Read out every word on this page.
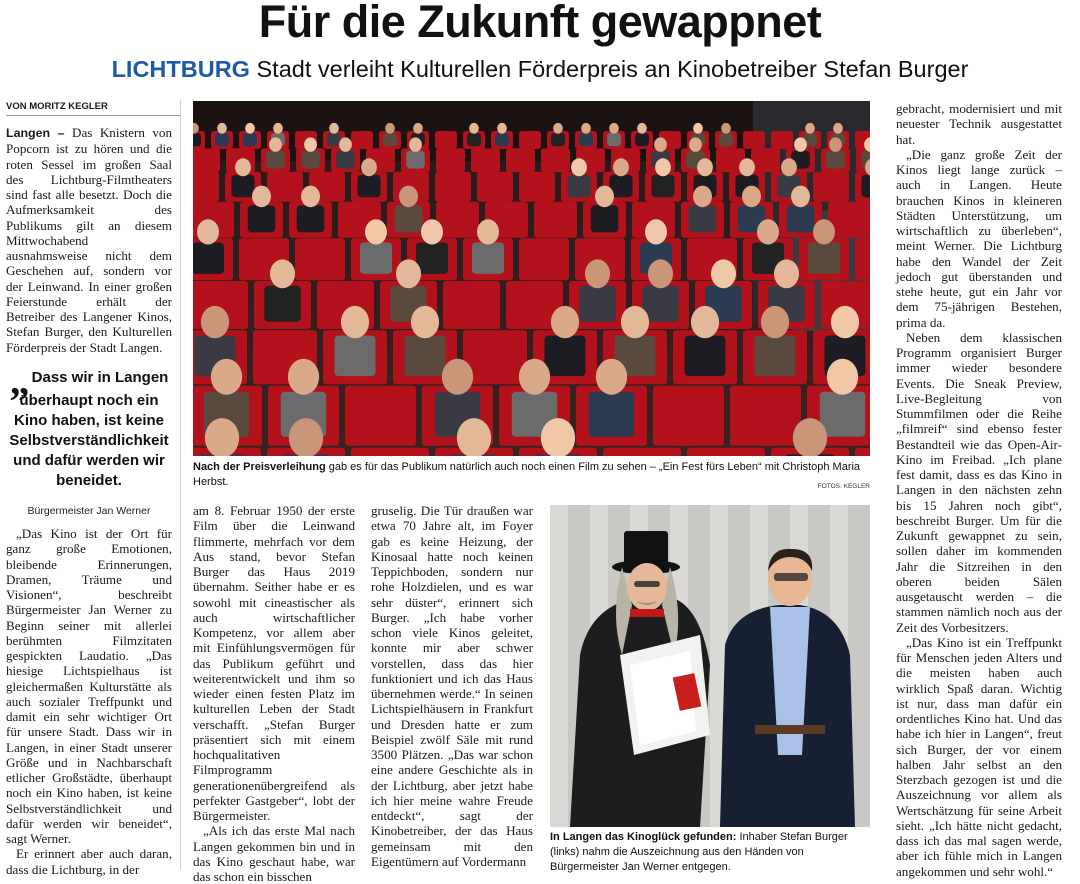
Für die Zukunft gewappnet
LICHTBURG Stadt verleiht Kulturellen Förderpreis an Kinobetreiber Stefan Burger
VON MORITZ KEGLER

Langen – Das Knistern von Popcorn ist zu hören und die roten Sessel im großen Saal des Lichtburg-Filmtheaters sind fast alle besetzt. Doch die Aufmerksamkeit des Publikums gilt an diesem Mittwochabend ausnahmsweise nicht dem Geschehen auf, sondern vor der Leinwand. In einer großen Feierstunde erhält der Betreiber des Langener Kinos, Stefan Burger, den Kulturellen Förderpreis der Stadt Langen.

„ Dass wir in Langen überhaupt noch ein Kino haben, ist keine Selbstverständlichkeit und dafür werden wir beneidet.
Bürgermeister Jan Werner

„Das Kino ist der Ort für ganz große Emotionen, bleibende Erinnerungen, Dramen, Träume und Visionen“, beschreibt Bürgermeister Jan Werner zu Beginn seiner mit allerlei berühmten Filmzitaten gespickten Laudatio. „Das hiesige Lichtspielhaus ist gleichermaßen Kulturstätte als auch sozialer Treffpunkt und damit ein sehr wichtiger Ort für unsere Stadt. Dass wir in Langen, in einer Stadt unserer Größe und in Nachbarschaft etlicher Großstädte, überhaupt noch ein Kino haben, ist keine Selbstverständlichkeit und dafür werden wir beneidet“, sagt Werner.

Er erinnert aber auch daran, dass die Lichtburg, in der

Nach der Preisverleihung gab es für das Publikum natürlich auch noch einen Film zu sehen – „Ein Fest fürs Leben“ mit Christoph Maria Herbst.	FOTOS: KEGLER

am 8. Februar 1950 der erste Film über die Leinwand flimmerte, mehrfach vor dem Aus stand, bevor Stefan Burger das Haus 2019 übernahm. Seither habe er es sowohl mit cineastischer als auch wirtschaftlicher Kompetenz, vor allem aber mit Einfühlungsvermögen für das Publikum geführt und weiterentwickelt und ihm so wieder einen festen Platz im kulturellen Leben der Stadt verschafft. „Stefan Burger präsentiert sich mit einem hochqualitativen Filmprogramm generationenübergreifend als perfekter Gastgeber“, lobt der Bürgermeister.

„Als ich das erste Mal nach Langen gekommen bin und in das Kino geschaut habe, war das schon ein bisschen

gruselig. Die Tür draußen war etwa 70 Jahre alt, im Foyer gab es keine Heizung, der Kinosaal hatte noch keinen Teppichboden, sondern nur rohe Holzdielen, und es war sehr düster“, erinnert sich Burger. „Ich habe vorher schon viele Kinos geleitet, konnte mir aber schwer vorstellen, dass das hier funktioniert und ich das Haus übernehmen werde.“ In seinen Lichtspielhäusern in Frankfurt und Dresden hatte er zum Beispiel zwölf Säle mit rund 3500 Plätzen. „Das war schon eine andere Geschichte als in der Lichtburg, aber jetzt habe ich hier meine wahre Freude entdeckt“, sagt der Kinobetreiber, der das Haus gemeinsam mit den Eigentümern auf Vordermann

In Langen das Kinoglück gefunden: Inhaber Stefan Burger (links) nahm die Auszeichnung aus den Händen von Bürgermeister Jan Werner entgegen.

gebracht, modernisiert und mit neuester Technik ausgestattet hat.

„Die ganz große Zeit der Kinos liegt lange zurück – auch in Langen. Heute brauchen Kinos in kleineren Städten Unterstützung, um wirtschaftlich zu überleben“, meint Werner. Die Lichtburg habe den Wandel der Zeit jedoch gut überstanden und stehe heute, gut ein Jahr vor dem 75-jährigen Bestehen, prima da.

Neben dem klassischen Programm organisiert Burger immer wieder besondere Events. Die Sneak Preview, Live-Begleitung von Stummfilmen oder die Reihe „filmreif“ sind ebenso fester Bestandteil wie das Open-Air-Kino im Freibad. „Ich plane fest damit, dass es das Kino in Langen in den nächsten zehn bis 15 Jahren noch gibt“, beschreibt Burger. Um für die Zukunft gewappnet zu sein, sollen daher im kommenden Jahr die Sitzreihen in den oberen beiden Sälen ausgetauscht werden – die stammen nämlich noch aus der Zeit des Vorbesitzers.

„Das Kino ist ein Treffpunkt für Menschen jeden Alters und die meisten haben auch wirklich Spaß daran. Wichtig ist nur, dass man dafür ein ordentliches Kino hat. Und das habe ich hier in Langen“, freut sich Burger, der vor einem halben Jahr selbst an den Sterzbach gezogen ist und die Auszeichnung vor allem als Wertschätzung für seine Arbeit sieht. „Ich hätte nicht gedacht, dass ich das mal sagen werde, aber ich fühle mich in Langen angekommen und sehr wohl.“
